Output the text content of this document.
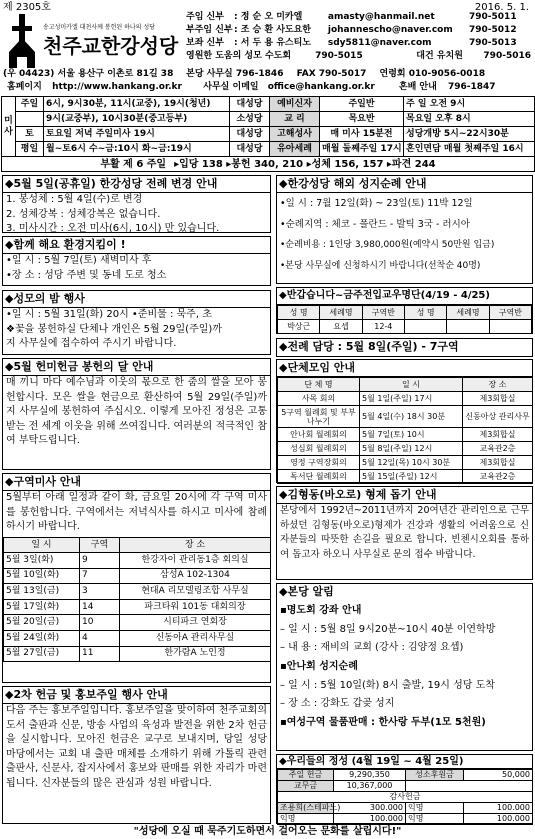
제 2305호	2016. 5. 1.
송고성미카엘 대천사께 봉헌된 하나의 성당
천주교한강성당
주임 신부 : 정 순 오 미카엘	amasty@hanmail.net	790-5011
부주임 신부: 조 승 환 사도요한 johannescho@naver.com 790-5012
보좌 신부 : 서 두 용 유스티노 sdy5811@naver.com	790-5013
영원한 도움의 성모 수도회	790-5015	대건 유치원 790-5016
(우 04423) 서울 용산구 이촌로 81길 38 본당 사무실 796-1846 FAX 790-5017 연령회 010-9056-0018
홈페이지 http://www.hankang.or.kr 사무실 이메일 office@hankang.or.kr	혼배 안내 796-1847
미사	주일	6시, 9시30분, 11시(교중), 19시(청년)	대성당	예비신자	주일반	주 일 오전 9시
		9시(교중부), 10시30분(중고등부)	소성당	교 리	목요반	목요일 오후 8시
	토	토요일 저녁 주일미사 19시	대성당	고해성사	매 미사 15분전	성당개방 5시~22시30분
	평일	월~토6시 수~금:10시 화~금:19시	대성당	유아세례	매월 둘째주일 17시	혼인면담 매월 첫째주일 16시
부활 제 6 주일 ▸입당 138 ▸봉헌 340, 210 ▸성체 156, 157 ▸파견 244						
◆5월 5일(공휴일) 한강성당 전례 변경 안내
1. 봉성체 : 5월 4일(수)로 변경
2. 성체강복 : 성체강복은 없습니다.
3. 미사시간 : 오전 미사(6시, 10시) 만 있습니다.
◆함께 해요 환경지킴이 !
•일 시 : 5월 7일(토) 새벽미사 후
•장 소 : 성당 주변 및 동네 도로 청소
◆성모의 밤 행사
•일 시 : 5월 31일(화) 20시 •준비물 : 묵주, 초
❖꽃을 봉헌하실 단체나 개인은 5월 29일(주일)까
지 사무실에 접수하여 주시기 바랍니다.
◆5월 헌미헌금 봉헌의 달 안내
매 끼니 마다 예수님과 이웃의 몫으로 한 줌의 쌀을 모아 봉헌합시다. 모은 쌀을 현금으로 환산하여 5월 29일(주일)까지 사무실에 봉헌하여 주십시오. 이렇게 모아진 정성은 고통 받는 전 세계 이웃을 위해 쓰여집니다. 여러분의 적극적인 참여 부탁드립니다.
◆구역미사 안내
5월부터 아래 일정과 같이 화, 금요일 20시에 각 구역 미사를 봉헌합니다. 구역에서는 저녁식사를 하시고 미사에 참례 하시기 바랍니다.
일 시	구역	장 소
5월 3일(화)	9	한강자이 관리동1층 회의실
5월 10일(화)	7	삼성A 102-1304
5월 13일(금)	3	현대A 리모델링조합 사무실
5월 17일(화)	14	파크타워 101동 대회의장
5월 20일(금)	10	시티파크 연회장
5월 24일(화)	4	신동아A 관리사무실
5월 27일(금)	11	한가람A 노인정
◆2차 헌금 및 홍보주일 행사 안내
다음 주는 홍보주일입니다. 홍보주일을 맞이하여 천주교회의 도서 출판과 신문, 방송 사업의 육성과 발전을 위한 2차 헌금을 실시합니다. 모아진 헌금은 교구로 보내지며, 당일 성당 마당에서는 교회 내 출판 매체를 소개하기 위해 가톨릭 관련 출판사, 신문사, 잡지사에서 홍보와 판매를 위한 자리가 마련됩니다. 신자분들의 많은 관심과 성원 바랍니다.
◆한강성당 해외 성지순례 안내
•일 시 : 7월 12일(화) ~ 23일(토) 11박 12일
•순례지역 : 체코 - 폴란드 - 발틱 3국 - 러시아
•순례비용 : 1인당 3,980,000원(예약시 50만원 입금)
•본당 사무실에 신청하시기 바랍니다(선착순 40명)
◆반갑습니다~금주전입교우명단(4/19 - 4/25)
성 명	세례명	구역반	성 명	세례명	구역반
박상근	요셉	12-4			
◆전례 담당 : 5월 8일(주일) - 7구역
◆단체모임 안내
단 체 명	일 시	장 소
사목 회의	5월 1일(주일) 17시	제3회합실
5구역 월례회 및 부부 나누기	5월 4일(수) 18시 30분	신동아상 관리사무
안나회 월례회의	5월 7일(토) 10시	제3회합실
성심회 월례회의	5월 8일(주일) 12시	교육관2층
영정 구역장회의	5월 12일(목) 10시 30분	제3회합실
독서단 월례회의	5월 15일(주일) 12시	교육관2층
◆김형동(바오로) 형제 돕기 안내
본당에서 1992년~2011년까지 20여년간 관리인으로 근무하셨던 김형동(바오로)형제가 건강과 생활의 어려움으로 신자분들의 따뜻한 손길을 필요로 합니다. 빈첸시오회를 통하여 돕고자 하오니 사무실로 문의 접수 바랍니다.
◆본당 알림
▪명도회 강좌 안내
– 일 시 : 5월 8일 9시20분~10시 40분 이연학방
– 내 용 : 재비의 교회 (강사 : 김양정 요셉)
▪안나회 성지순례
– 일 시 : 5월 10일(화) 8시 출발, 19시 성당 도착
– 장 소 : 강화도 갑곶 성지
▪여성구역 물품판매 : 한사랑 두부(1모 5천원)
◆우리들의 정성 (4월 19일 ~ 4월 25일)
주일 헌금	9,290,350	성소후원금	50,000
교무금	10,367,000		
감사헌금			
조용희(스테파노)	300.000	익명	100.000
익명	100.000	익명	100.000
"성당에 오실 때 묵주기도하면서 걸어오는 문화를 살립시다!"
